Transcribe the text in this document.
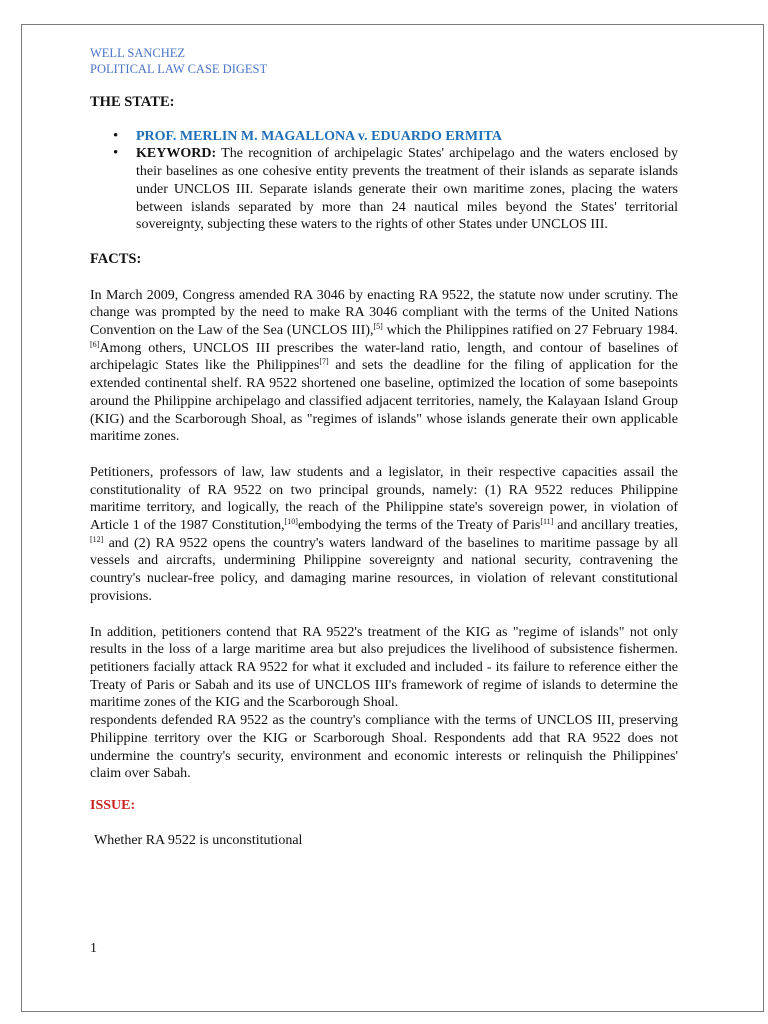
WELL SANCHEZ
POLITICAL LAW CASE DIGEST
THE STATE:
• PROF. MERLIN M. MAGALLONA v. EDUARDO ERMITA
• KEYWORD: The recognition of archipelagic States' archipelago and the waters enclosed by their baselines as one cohesive entity prevents the treatment of their islands as separate islands under UNCLOS III. Separate islands generate their own maritime zones, placing the waters between islands separated by more than 24 nautical miles beyond the States' territorial sovereignty, subjecting these waters to the rights of other States under UNCLOS III.
FACTS:

In March 2009, Congress amended RA 3046 by enacting RA 9522, the statute now under scrutiny. The change was prompted by the need to make RA 3046 compliant with the terms of the United Nations Convention on the Law of the Sea (UNCLOS III),[5] which the Philippines ratified on 27 February 1984.[6]Among others, UNCLOS III prescribes the water-land ratio, length, and contour of baselines of archipelagic States like the Philippines[7] and sets the deadline for the filing of application for the extended continental shelf. RA 9522 shortened one baseline, optimized the location of some basepoints around the Philippine archipelago and classified adjacent territories, namely, the Kalayaan Island Group (KIG) and the Scarborough Shoal, as "regimes of islands" whose islands generate their own applicable maritime zones.

Petitioners, professors of law, law students and a legislator, in their respective capacities assail the constitutionality of RA 9522 on two principal grounds, namely: (1) RA 9522 reduces Philippine maritime territory, and logically, the reach of the Philippine state's sovereign power, in violation of Article 1 of the 1987 Constitution,[10]embodying the terms of the Treaty of Paris[11] and ancillary treaties,[12] and (2) RA 9522 opens the country's waters landward of the baselines to maritime passage by all vessels and aircrafts, undermining Philippine sovereignty and national security, contravening the country's nuclear-free policy, and damaging marine resources, in violation of relevant constitutional provisions.

In addition, petitioners contend that RA 9522's treatment of the KIG as "regime of islands" not only results in the loss of a large maritime area but also prejudices the livelihood of subsistence fishermen. petitioners facially attack RA 9522 for what it excluded and included - its failure to reference either the Treaty of Paris or Sabah and its use of UNCLOS III's framework of regime of islands to determine the maritime zones of the KIG and the Scarborough Shoal.

respondents defended RA 9522 as the country's compliance with the terms of UNCLOS III, preserving Philippine territory over the KIG or Scarborough Shoal. Respondents add that RA 9522 does not undermine the country's security, environment and economic interests or relinquish the Philippines' claim over Sabah.

ISSUE:
Whether RA 9522 is unconstitutional
1
